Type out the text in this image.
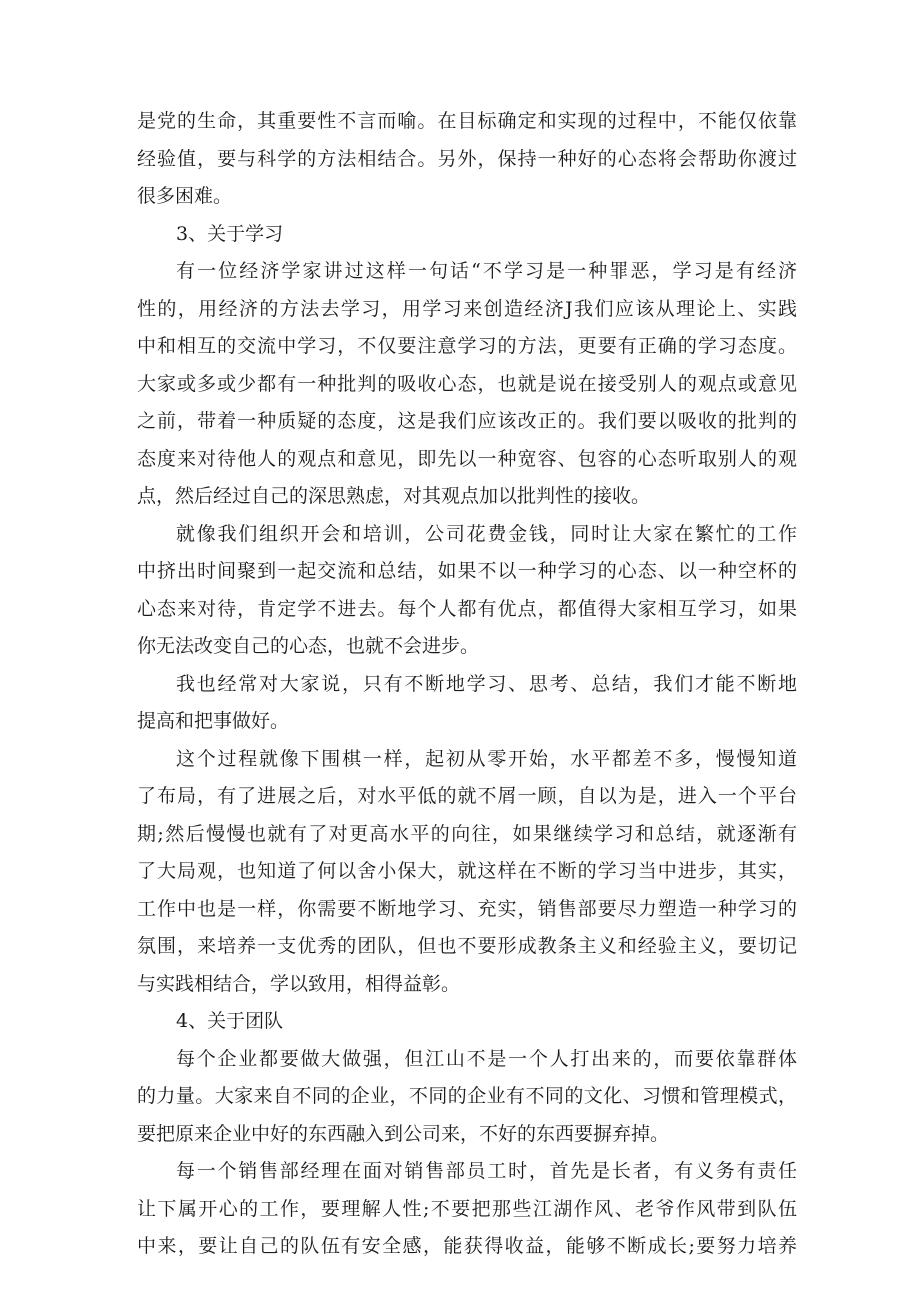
是党的生命，其重要性不言而喻。在目标确定和实现的过程中，不能仅依靠
经验值，要与科学的方法相结合。另外，保持一种好的心态将会帮助你渡过
很多困难。
3、关于学习
有一位经济学家讲过这样一句话“不学习是一种罪恶，学习是有经济
性的，用经济的方法去学习，用学习来创造经济J我们应该从理论上、实践
中和相互的交流中学习，不仅要注意学习的方法，更要有正确的学习态度。
大家或多或少都有一种批判的吸收心态，也就是说在接受别人的观点或意见
之前，带着一种质疑的态度，这是我们应该改正的。我们要以吸收的批判的
态度来对待他人的观点和意见，即先以一种宽容、包容的心态听取别人的观
点，然后经过自己的深思熟虑，对其观点加以批判性的接收。
就像我们组织开会和培训，公司花费金钱，同时让大家在繁忙的工作
中挤出时间聚到一起交流和总结，如果不以一种学习的心态、以一种空杯的
心态来对待，肯定学不进去。每个人都有优点，都值得大家相互学习，如果
你无法改变自己的心态，也就不会进步。
我也经常对大家说，只有不断地学习、思考、总结，我们才能不断地
提高和把事做好。
这个过程就像下围棋一样，起初从零开始，水平都差不多，慢慢知道
了布局，有了进展之后，对水平低的就不屑一顾，自以为是，进入一个平台
期;然后慢慢也就有了对更高水平的向往，如果继续学习和总结，就逐渐有
了大局观，也知道了何以舍小保大，就这样在不断的学习当中进步，其实，
工作中也是一样，你需要不断地学习、充实，销售部要尽力塑造一种学习的
氛围，来培养一支优秀的团队，但也不要形成教条主义和经验主义，要切记
与实践相结合，学以致用，相得益彰。
4、关于团队
每个企业都要做大做强，但江山不是一个人打出来的，而要依靠群体
的力量。大家来自不同的企业，不同的企业有不同的文化、习惯和管理模式，
要把原来企业中好的东西融入到公司来，不好的东西要摒弃掉。
每一个销售部经理在面对销售部员工时，首先是长者，有义务有责任
让下属开心的工作，要理解人性;不要把那些江湖作风、老爷作风带到队伍
中来，要让自己的队伍有安全感，能获得收益，能够不断成长;要努力培养
